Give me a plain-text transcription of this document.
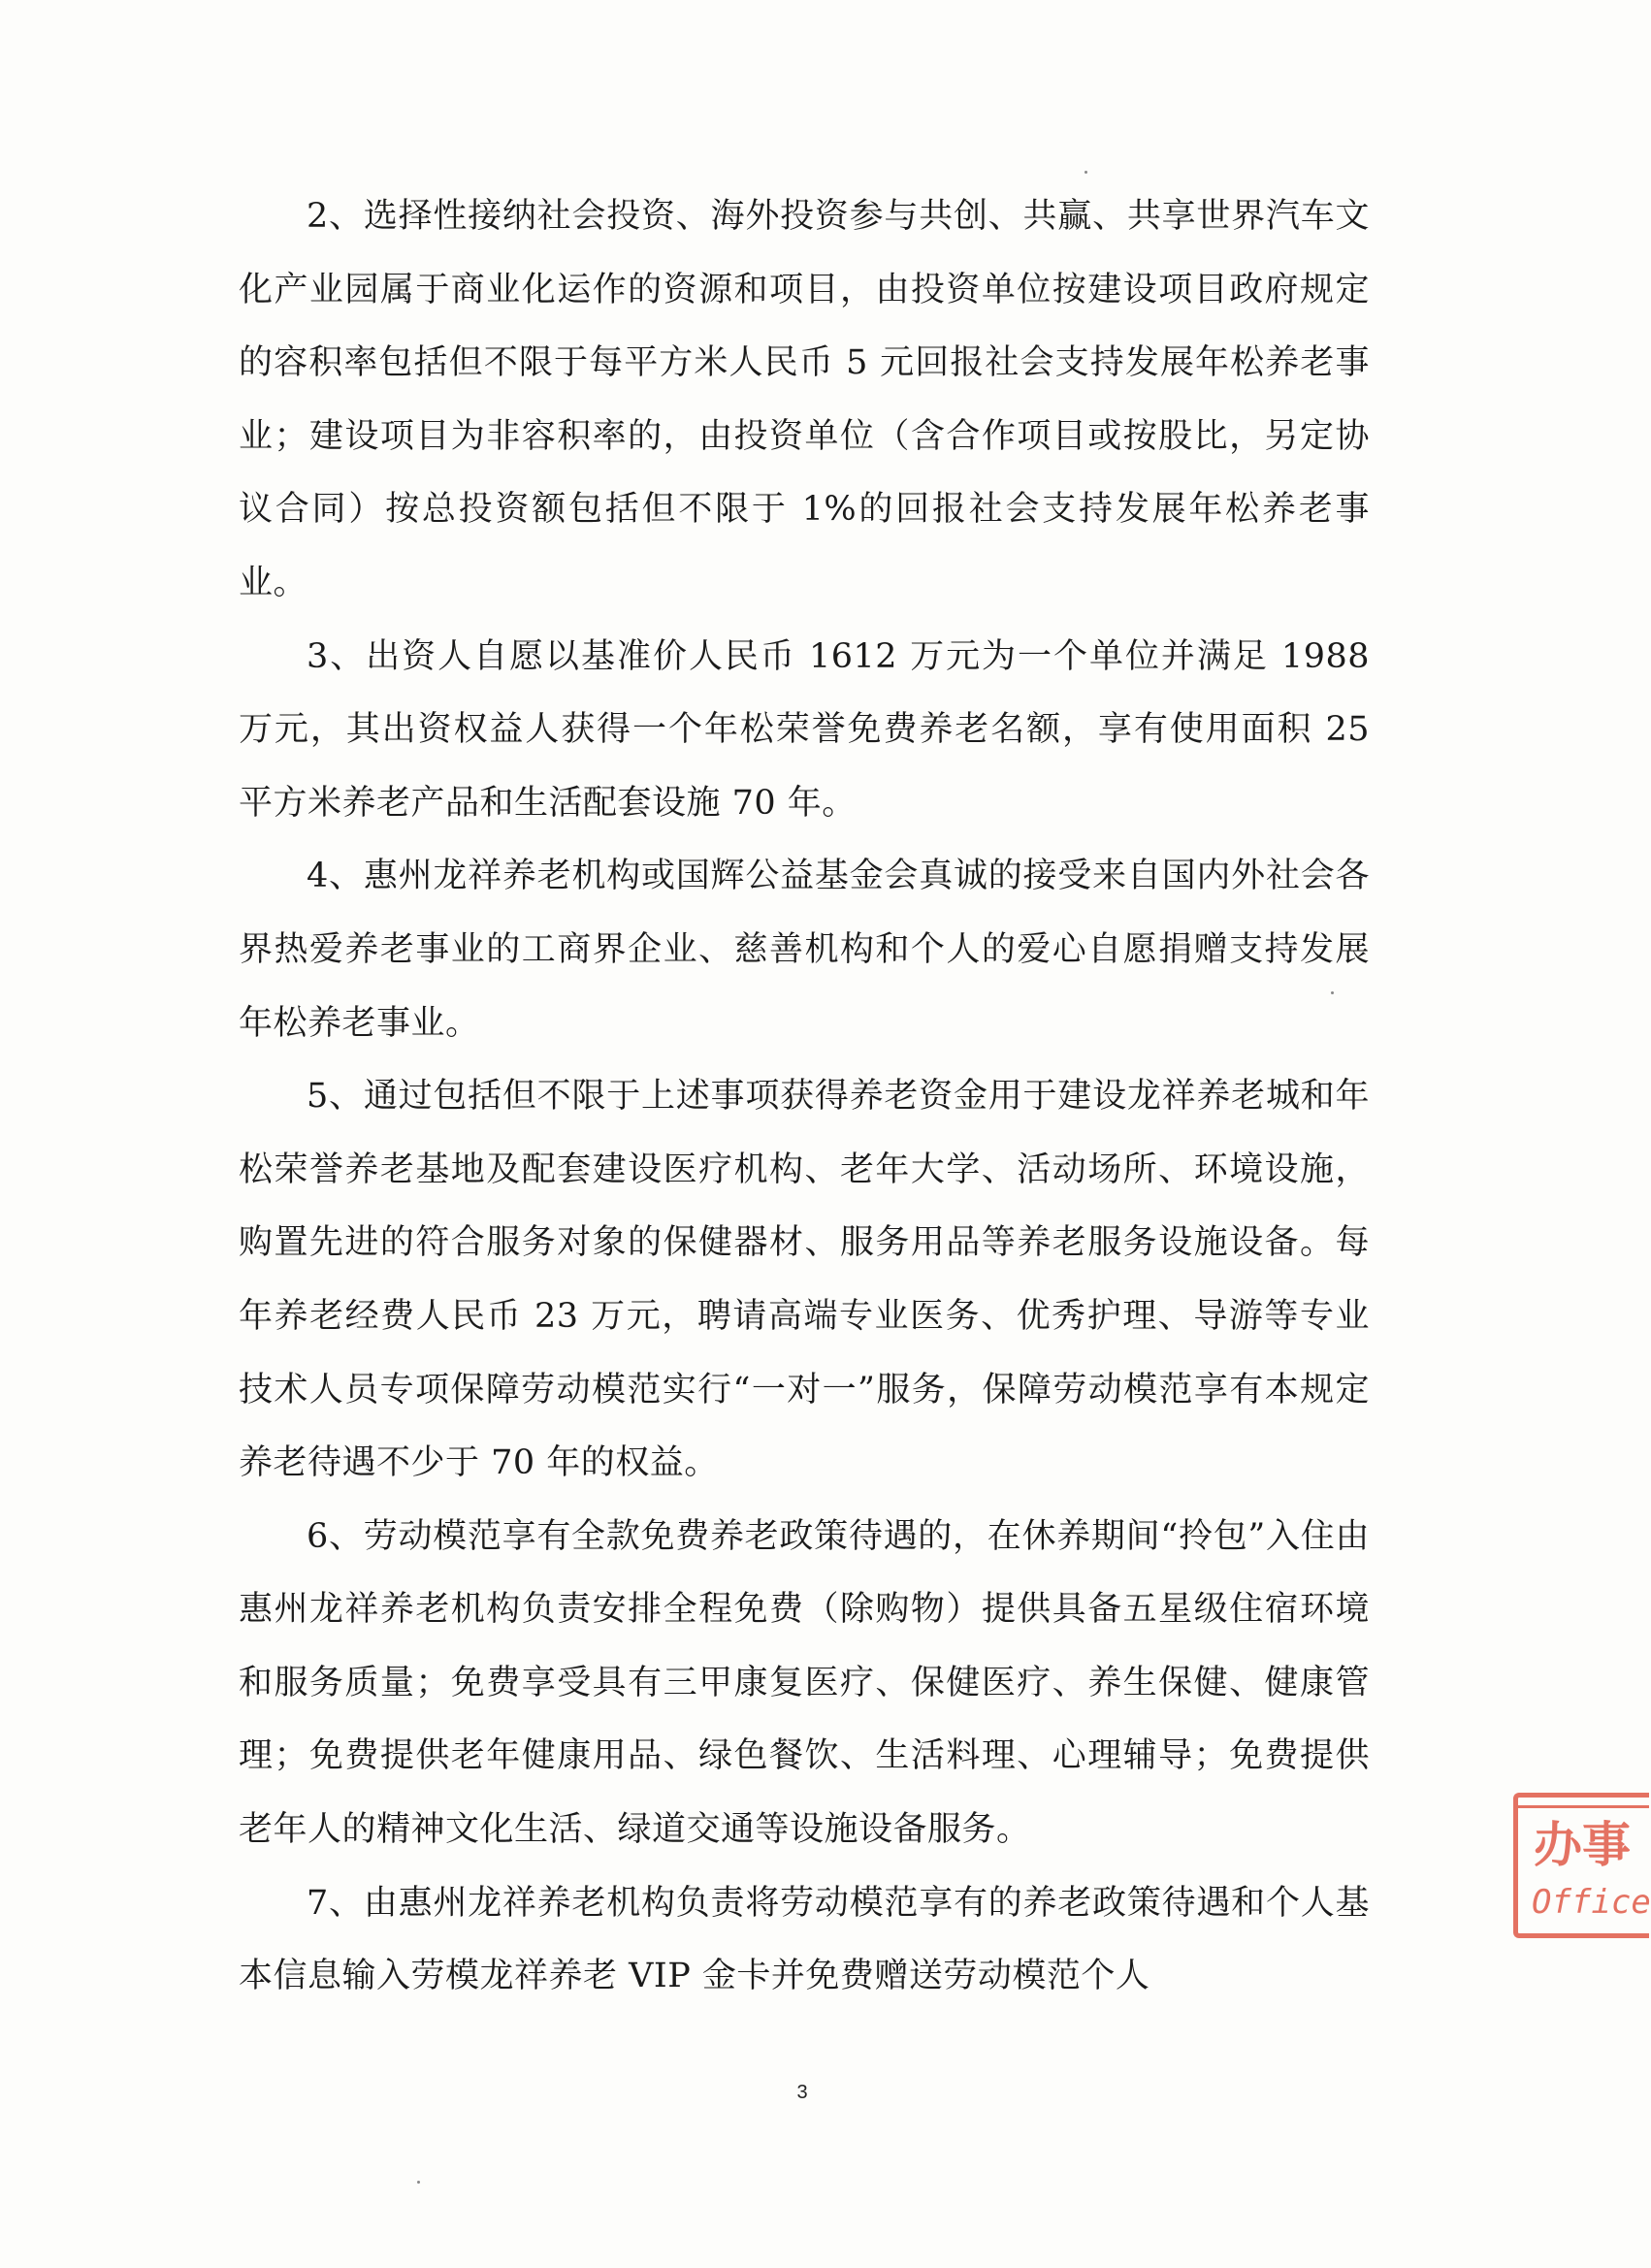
2、选择性接纳社会投资、海外投资参与共创、共赢、共享世界汽车文化产业园属于商业化运作的资源和项目，由投资单位按建设项目政府规定的容积率包括但不限于每平方米人民币 5 元回报社会支持发展年松养老事业；建设项目为非容积率的，由投资单位（含合作项目或按股比，另定协议合同）按总投资额包括但不限于 1%的回报社会支持发展年松养老事业。

3、出资人自愿以基准价人民币 1612 万元为一个单位并满足 1988 万元，其出资权益人获得一个年松荣誉免费养老名额，享有使用面积 25 平方米养老产品和生活配套设施 70 年。

4、惠州龙祥养老机构或国辉公益基金会真诚的接受来自国内外社会各界热爱养老事业的工商界企业、慈善机构和个人的爱心自愿捐赠支持发展年松养老事业。

5、通过包括但不限于上述事项获得养老资金用于建设龙祥养老城和年松荣誉养老基地及配套建设医疗机构、老年大学、活动场所、环境设施，购置先进的符合服务对象的保健器材、服务用品等养老服务设施设备。每年养老经费人民币 23 万元，聘请高端专业医务、优秀护理、导游等专业技术人员专项保障劳动模范实行“一对一”服务，保障劳动模范享有本规定养老待遇不少于 70 年的权益。

6、劳动模范享有全款免费养老政策待遇的，在休养期间“拎包”入住由惠州龙祥养老机构负责安排全程免费（除购物）提供具备五星级住宿环境和服务质量；免费享受具有三甲康复医疗、保健医疗、养生保健、健康管理；免费提供老年健康用品、绿色餐饮、生活料理、心理辅导；免费提供老年人的精神文化生活、绿道交通等设施设备服务。

7、由惠州龙祥养老机构负责将劳动模范享有的养老政策待遇和个人基本信息输入劳模龙祥养老 VIP 金卡并免费赠送劳动模范个人

办事
Office
3
